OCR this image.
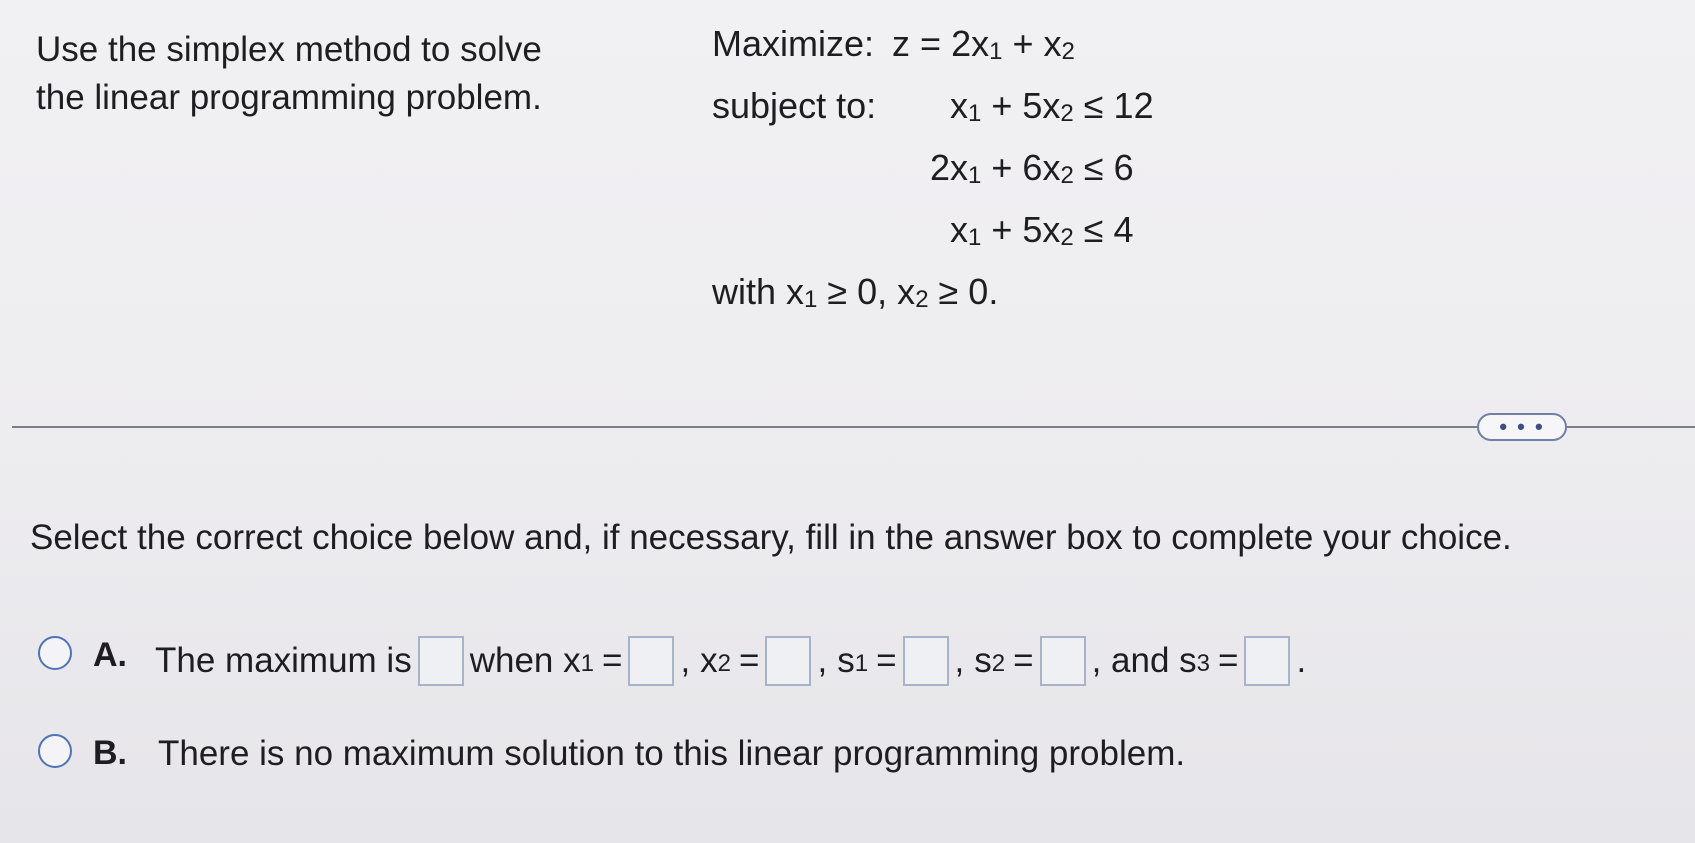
Use the simplex method to solve
the linear programming problem.
Maximize: $z = 2x_1 + x_2$
subject to: $x_1 + 5x_2 \le 12$
$2x_1 + 6x_2 \le 6$
$x_1 + 5x_2 \le 4$
with $x_1 \ge 0$, $x_2 \ge 0$.
• • •
Select the correct choice below and, if necessary, fill in the answer box to complete your choice.
A. The maximum is when $x_1$ = , $x_2$ = , $s_1$ = , $s_2$ = , and $s_3$ = .
B. There is no maximum solution to this linear programming problem.
